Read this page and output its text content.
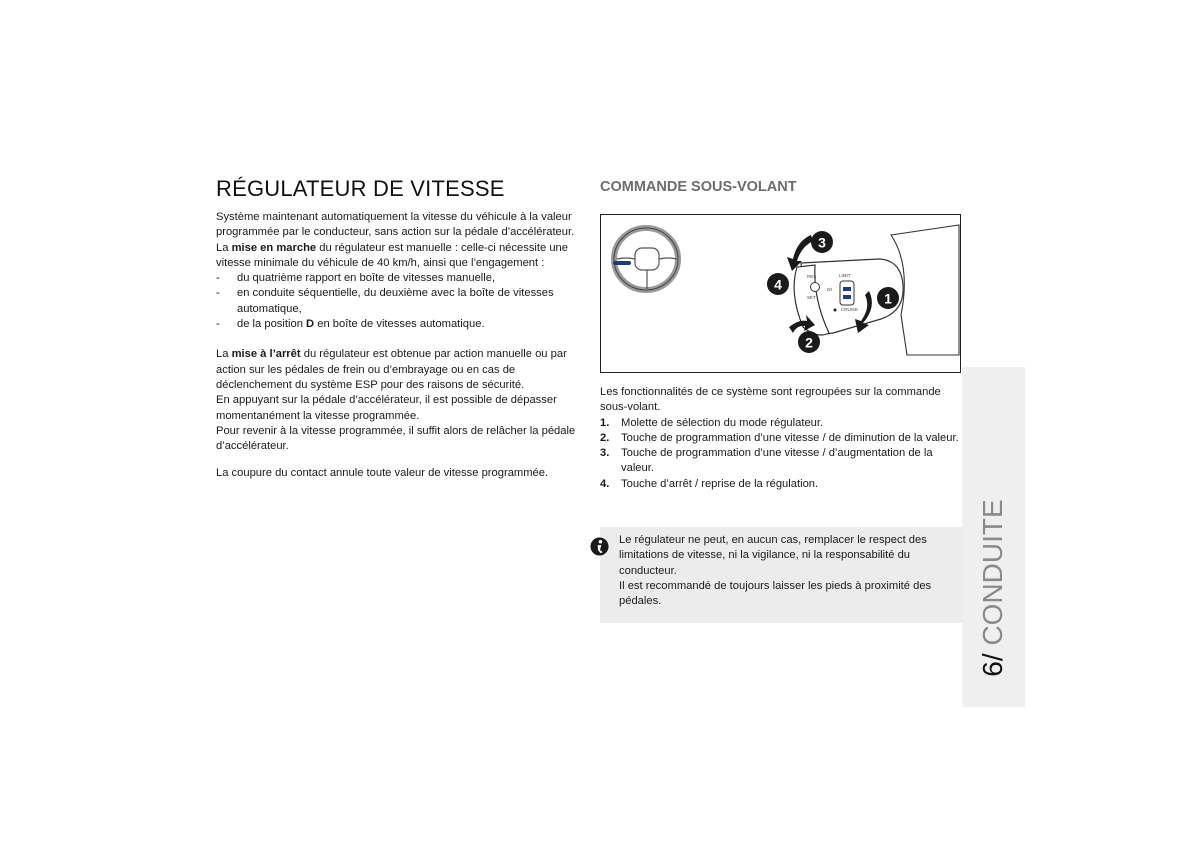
RÉGULATEUR DE VITESSE

Système maintenant automatiquement la vitesse du véhicule à la valeur programmée par le conducteur, sans action sur la pédale d’accélérateur.

La mise en marche du régulateur est manuelle : celle-ci nécessite une vitesse minimale du véhicule de 40 km/h, ainsi que l’engagement :

- du quatrième rapport en boîte de vitesses manuelle,
- en conduite séquentielle, du deuxième avec la boîte de vitesses automatique,
- de la position D en boîte de vitesses automatique.

La mise à l’arrêt du régulateur est obtenue par action manuelle ou par action sur les pédales de frein ou d’embrayage ou en cas de déclenchement du système ESP pour des raisons de sécurité.

En appuyant sur la pédale d’accélérateur, il est possible de dépasser momentanément la vitesse programmée.

Pour revenir à la vitesse programmée, il suffit alors de relâcher la pédale d’accélérateur.

La coupure du contact annule toute valeur de vitesse programmée.

COMMANDE SOUS-VOLANT
RES
SET
0/I
LIMIT
CRUISE
1
2
3
4

Les fonctionnalités de ce système sont regroupées sur la commande sous-volant.

1. Molette de sélection du mode régulateur.
2. Touche de programmation d’une vitesse / de diminution de la valeur.
3. Touche de programmation d’une vitesse / d’augmentation de la valeur.
4. Touche d’arrêt / reprise de la régulation.

Le régulateur ne peut, en aucun cas, remplacer le respect des limitations de vitesse, ni la vigilance, ni la responsabilité du conducteur.

Il est recommandé de toujours laisser les pieds à proximité des pédales.

6/ CONDUITE
